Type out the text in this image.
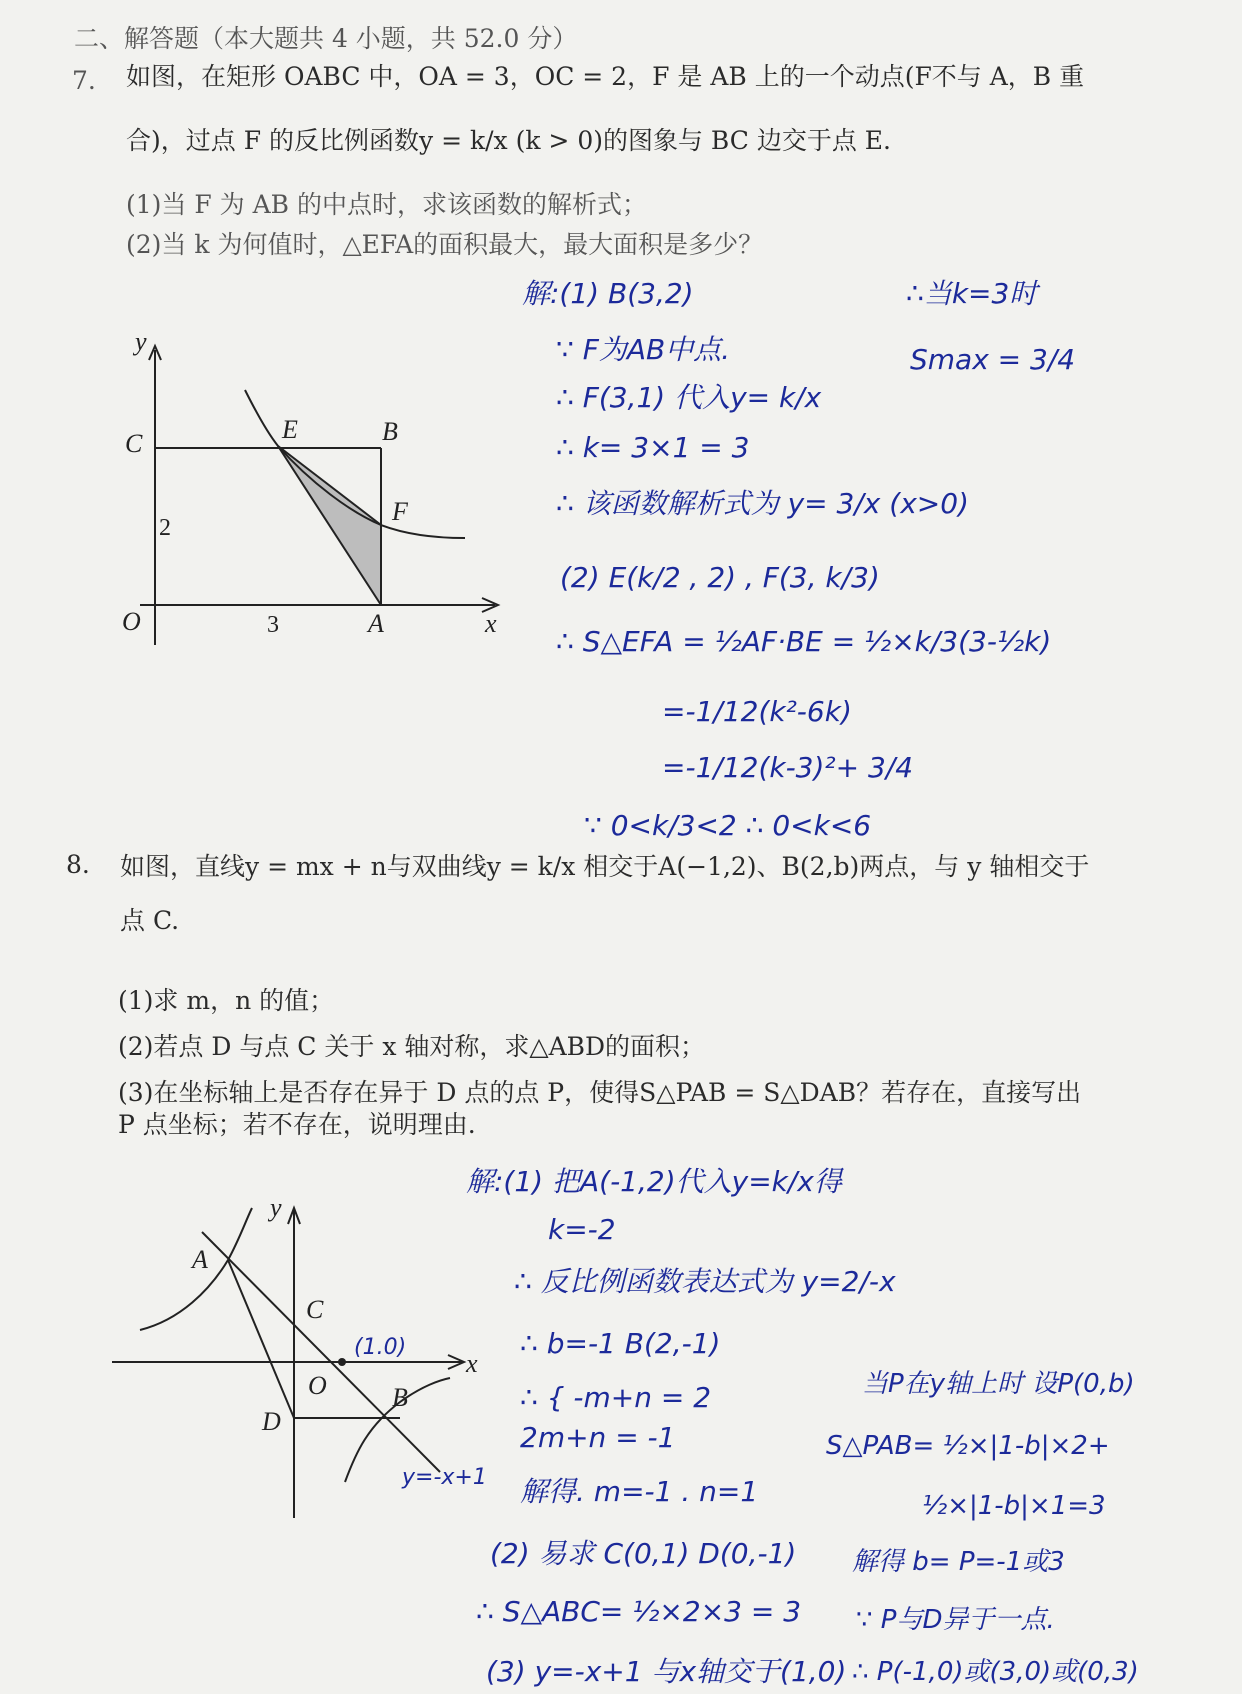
二、解答题（本大题共 4 小题，共 52.0 分）
7. 如图，在矩形 OABC 中，OA = 3，OC = 2，F 是 AB 上的一个动点(F不与 A，B 重
合)，过点 F 的反比例函数y = k/x (k > 0)的图象与 BC 边交于点 E.
(1)当 F 为 AB 的中点时，求该函数的解析式；
(2)当 k 为何值时，△EFA的面积最大，最大面积是多少？
y
x
C	E	B
F
O	A
2
3
解:(1) B(3,2)
∵ F为AB中点.
∴ F(3,1) 代入y= k/x
∴ k= 3×1 = 3
∴ 该函数解析式为 y= 3/x (x>0)
(2) E(k/2 , 2) , F(3, k/3)
∴ S△EFA = ½AF·BE = ½×k/3(3-½k)
=-1/12(k²-6k)
=-1/12(k-3)²+ 3/4
∵ 0<k/3<2 ∴ 0<k<6
∴当k=3时
Smax = 3/4
8. 如图，直线y = mx + n与双曲线y = k/x 相交于A(−1,2)、B(2,b)两点，与 y 轴相交于
点 C.
(1)求 m，n 的值；
(2)若点 D 与点 C 关于 x 轴对称，求△ABD的面积；
(3)在坐标轴上是否存在异于 D 点的点 P，使得S△PAB = S△DAB？若存在，直接写出
P 点坐标；若不存在，说明理由.
y
x
A
C
O	B
D
(1.0)
y=-x+1
解:(1) 把A(-1,2)代入y=k/x得
k=-2
∴ 反比例函数表达式为 y=2/-x
∴ b=-1 B(2,-1)
∴ { -m+n = 2
2m+n = -1
解得. m=-1 . n=1
(2) 易求 C(0,1) D(0,-1)
∴ S△ABC= ½×2×3 = 3
(3) y=-x+1 与x轴交于(1,0)
当P在y轴上时 设P(0,b)
S△PAB= ½×|1-b|×2+
½×|1-b|×1=3
解得 b= P=-1或3
∵ P与D异于一点.
∴ P(-1,0)或(3,0)或(0,3)
